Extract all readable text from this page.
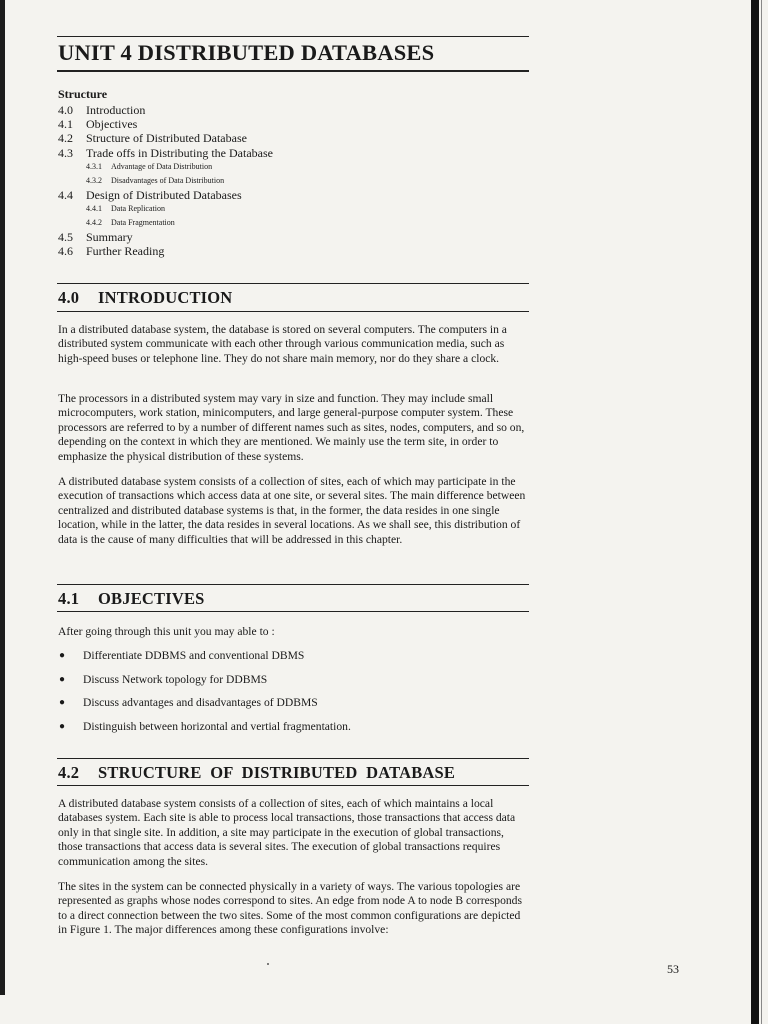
UNIT 4 DISTRIBUTED DATABASES
Structure
4.0	Introduction
4.1	Objectives
4.2	Structure of Distributed Database
4.3	Trade offs in Distributing the Database
4.3.1	Advantage of Data Distribution
4.3.2	Disadvantages of Data Distribution
4.4	Design of Distributed Databases
4.4.1	Data Replication
4.4.2	Data Fragmentation
4.5	Summary
4.6	Further Reading
4.0 INTRODUCTION

In a distributed database system, the database is stored on several computers. The computers in a distributed system communicate with each other through various communication media, such as high-speed buses or telephone line. They do not share main memory, nor do they share a clock.

The processors in a distributed system may vary in size and function. They may include small microcomputers, work station, minicomputers, and large general-purpose computer system. These processors are referred to by a number of different names such as sites, nodes, computers, and so on, depending on the context in which they are mentioned. We mainly use the term site, in order to emphasize the physical distribution of these systems.

A distributed database system consists of a collection of sites, each of which may participate in the execution of transactions which access data at one site, or several sites. The main difference between centralized and distributed database systems is that, in the former, the data resides in one single location, while in the latter, the data resides in several locations. As we shall see, this distribution of data is the cause of many difficulties that will be addressed in this chapter.

4.1 OBJECTIVES

After going through this unit you may able to :

●	Differentiate DDBMS and conventional DBMS
●	Discuss Network topology for DDBMS
●	Discuss advantages and disadvantages of DDBMS
●	Distinguish between horizontal and vertial fragmentation.
4.2 STRUCTURE  OF  DISTRIBUTED  DATABASE

A distributed database system consists of a collection of sites, each of which maintains a local databases system. Each site is able to process local transactions, those transactions that access data only in that single site. In addition, a site may participate in the execution of global transactions, those transactions that access data is several sites. The execution of global transactions requires communication among the sites.

The sites in the system can be connected physically in a variety of ways. The various topologies are represented as graphs whose nodes correspond to sites. An edge from node A to node B corresponds to a direct connection between the two sites. Some of the most common configurations are depicted in Figure 1. The major differences among these configurations involve:

53
